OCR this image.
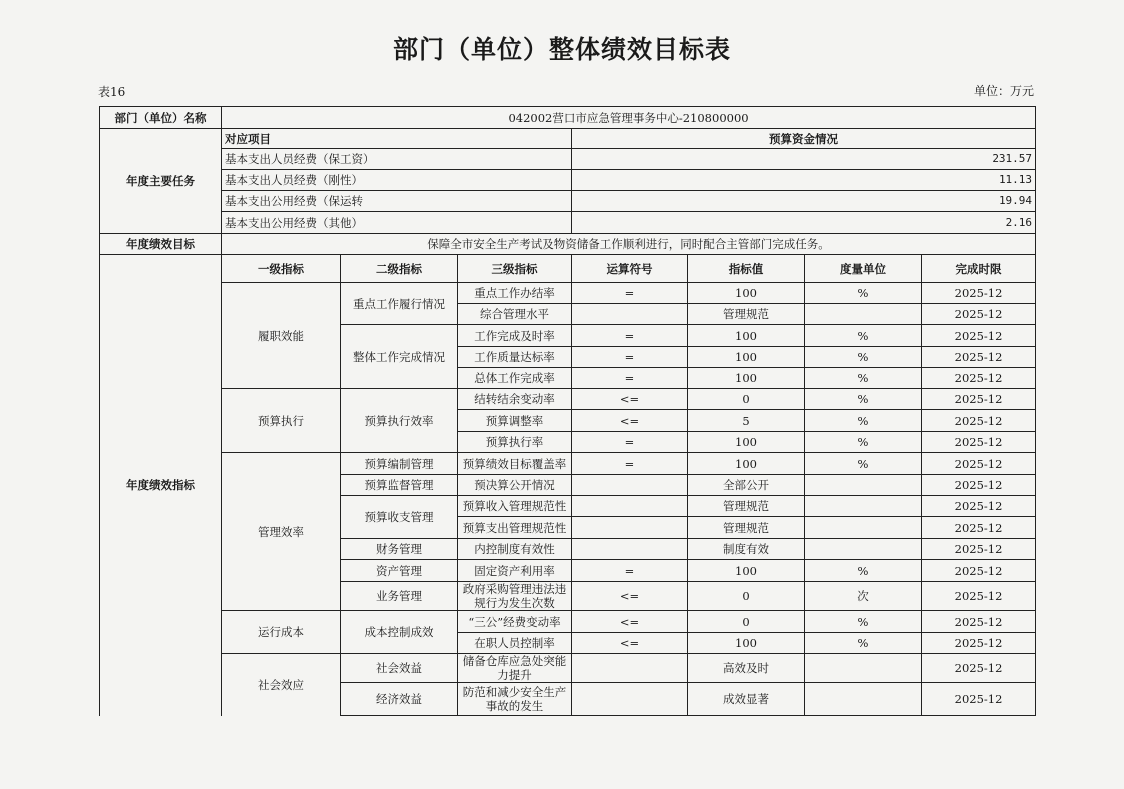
部门（单位）整体绩效目标表
表16	单位：万元
部门（单位）名称	042002营口市应急管理事务中心-210800000						
年度主要任务	对应项目			预算资金情况			
	基本支出人员经费（保工资）			231.57			
	基本支出人员经费（刚性）			11.13			
	基本支出公用经费（保运转			19.94			
	基本支出公用经费（其他）			2.16			
年度绩效目标	保障全市安全生产考试及物资储备工作顺利进行，同时配合主管部门完成任务。						
年度绩效指标	一级指标	二级指标	三级指标	运算符号	指标值	度量单位	完成时限
	履职效能	重点工作履行情况	重点工作办结率	=	100	%	2025-12
			综合管理水平		管理规范		2025-12
		整体工作完成情况	工作完成及时率	=	100	%	2025-12
			工作质量达标率	=	100	%	2025-12
			总体工作完成率	=	100	%	2025-12
	预算执行	预算执行效率	结转结余变动率	<=	0	%	2025-12
			预算调整率	<=	5	%	2025-12
			预算执行率	=	100	%	2025-12
	管理效率	预算编制管理	预算绩效目标覆盖率	=	100	%	2025-12
		预算监督管理	预决算公开情况		全部公开		2025-12
		预算收支管理	预算收入管理规范性		管理规范		2025-12
			预算支出管理规范性		管理规范		2025-12
		财务管理	内控制度有效性		制度有效		2025-12
		资产管理	固定资产利用率	=	100	%	2025-12
		业务管理	政府采购管理违法违规行为发生次数	<=	0	次	2025-12
	运行成本	成本控制成效	“三公”经费变动率	<=	0	%	2025-12
			在职人员控制率	<=	100	%	2025-12
	社会效应	社会效益	储备仓库应急处突能力提升		高效及时		2025-12
		经济效益	防范和减少安全生产事故的发生		成效显著		2025-12
